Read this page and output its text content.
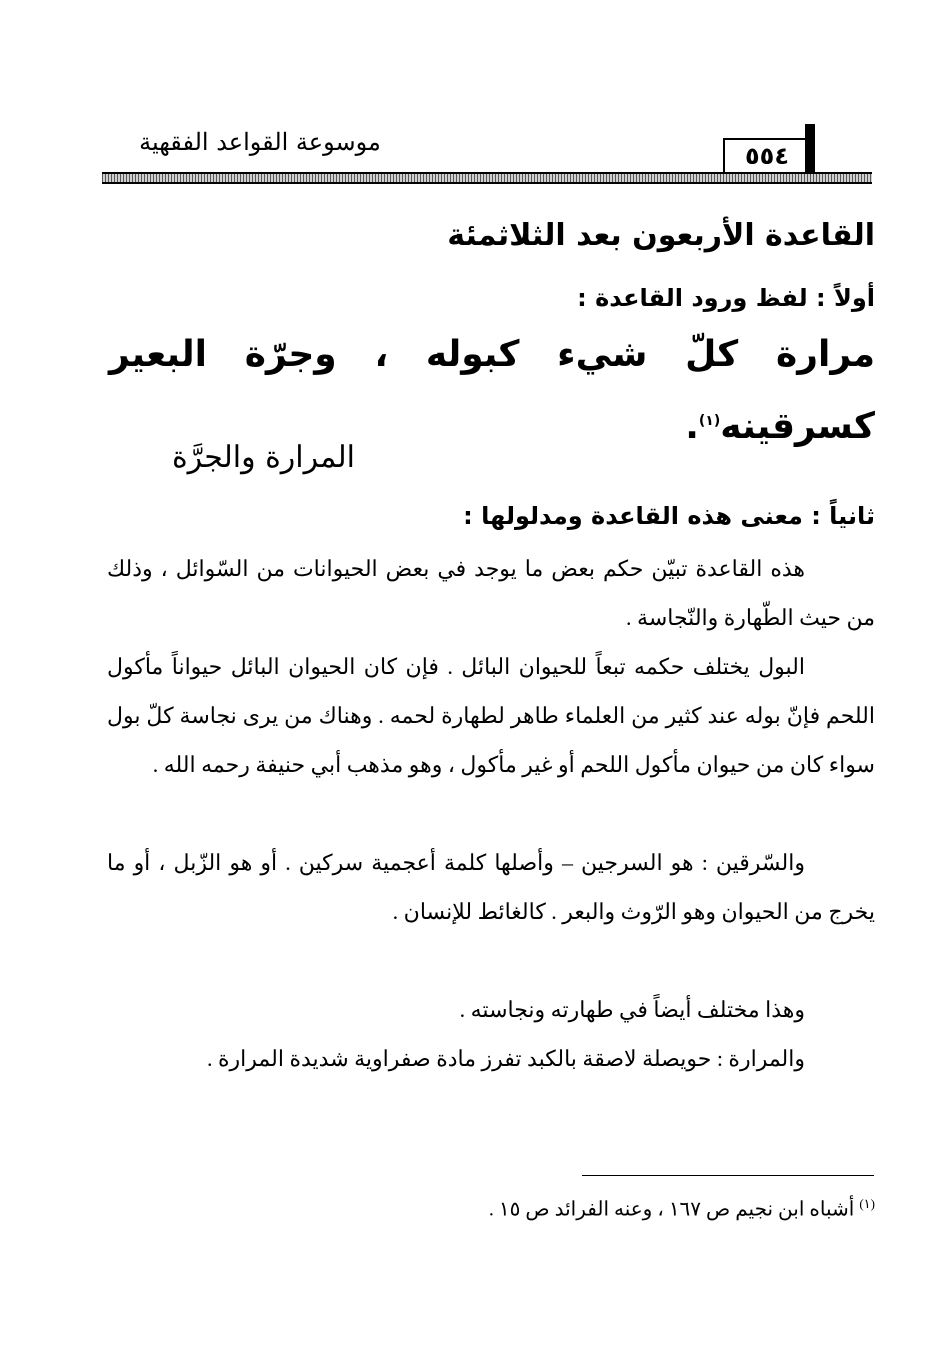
موسوعة القواعد الفقهية	٥٥٤
القاعدة الأربعون بعد الثلاثمئة
أولاً : لفظ ورود القاعدة :
مرارة كلّ شيء كبوله ، وجرّة البعير كسرقينه$^{(١)}$.
المرارة والجرَّة
ثانياً : معنى هذه القاعدة ومدلولها :
هذه القاعدة تبيّن حكم بعض ما يوجد في بعض الحيوانات من السّوائل ، وذلك من حيث الطّهارة والنّجاسة .
البول يختلف حكمه تبعاً للحيوان البائل . فإن كان الحيوان البائل حيواناً مأكول اللحم فإنّ بوله عند كثير من العلماء طاهر لطهارة لحمه . وهناك من يرى نجاسة كلّ بول سواء كان من حيوان مأكول اللحم أو غير مأكول ، وهو مذهب أبي حنيفة رحمه الله .
والسّرقين : هو السرجين – وأصلها كلمة أعجمية سركين . أو هو الزّبل ، أو ما يخرج من الحيوان وهو الرّوث والبعر . كالغائط للإنسان .
وهذا مختلف أيضاً في طهارته ونجاسته .
والمرارة : حويصلة لاصقة بالكبد تفرز مادة صفراوية شديدة المرارة .
$^{(١)}$ أشباه ابن نجيم ص ١٦٧ ، وعنه الفرائد ص ١٥ .
